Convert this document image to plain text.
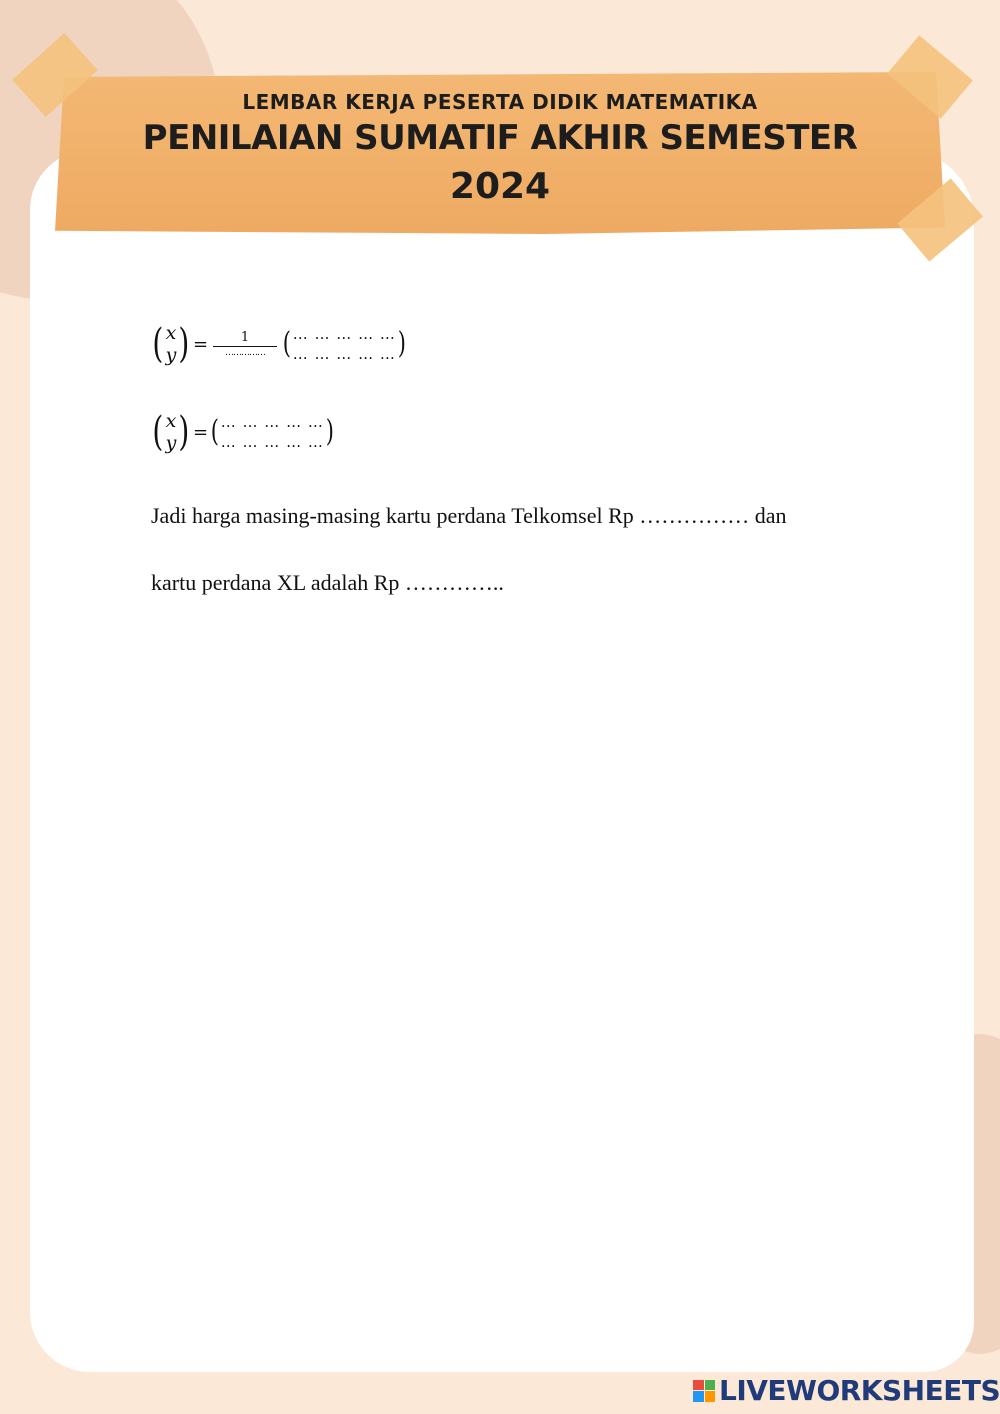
LEMBAR KERJA PESERTA DIDIK MATEMATIKA
PENILAIAN SUMATIF AKHIR SEMESTER
2024
( x
y ) = $\frac{1}{\dots\dots\dots\dots\dots}$ ( … … … … …
… … … … … )
( x
y ) = ( … … … … …
… … … … … )
Jadi harga masing-masing kartu perdana Telkomsel Rp …………… dan
kartu perdana XL adalah Rp …………..
LIVEWORKSHEETS
